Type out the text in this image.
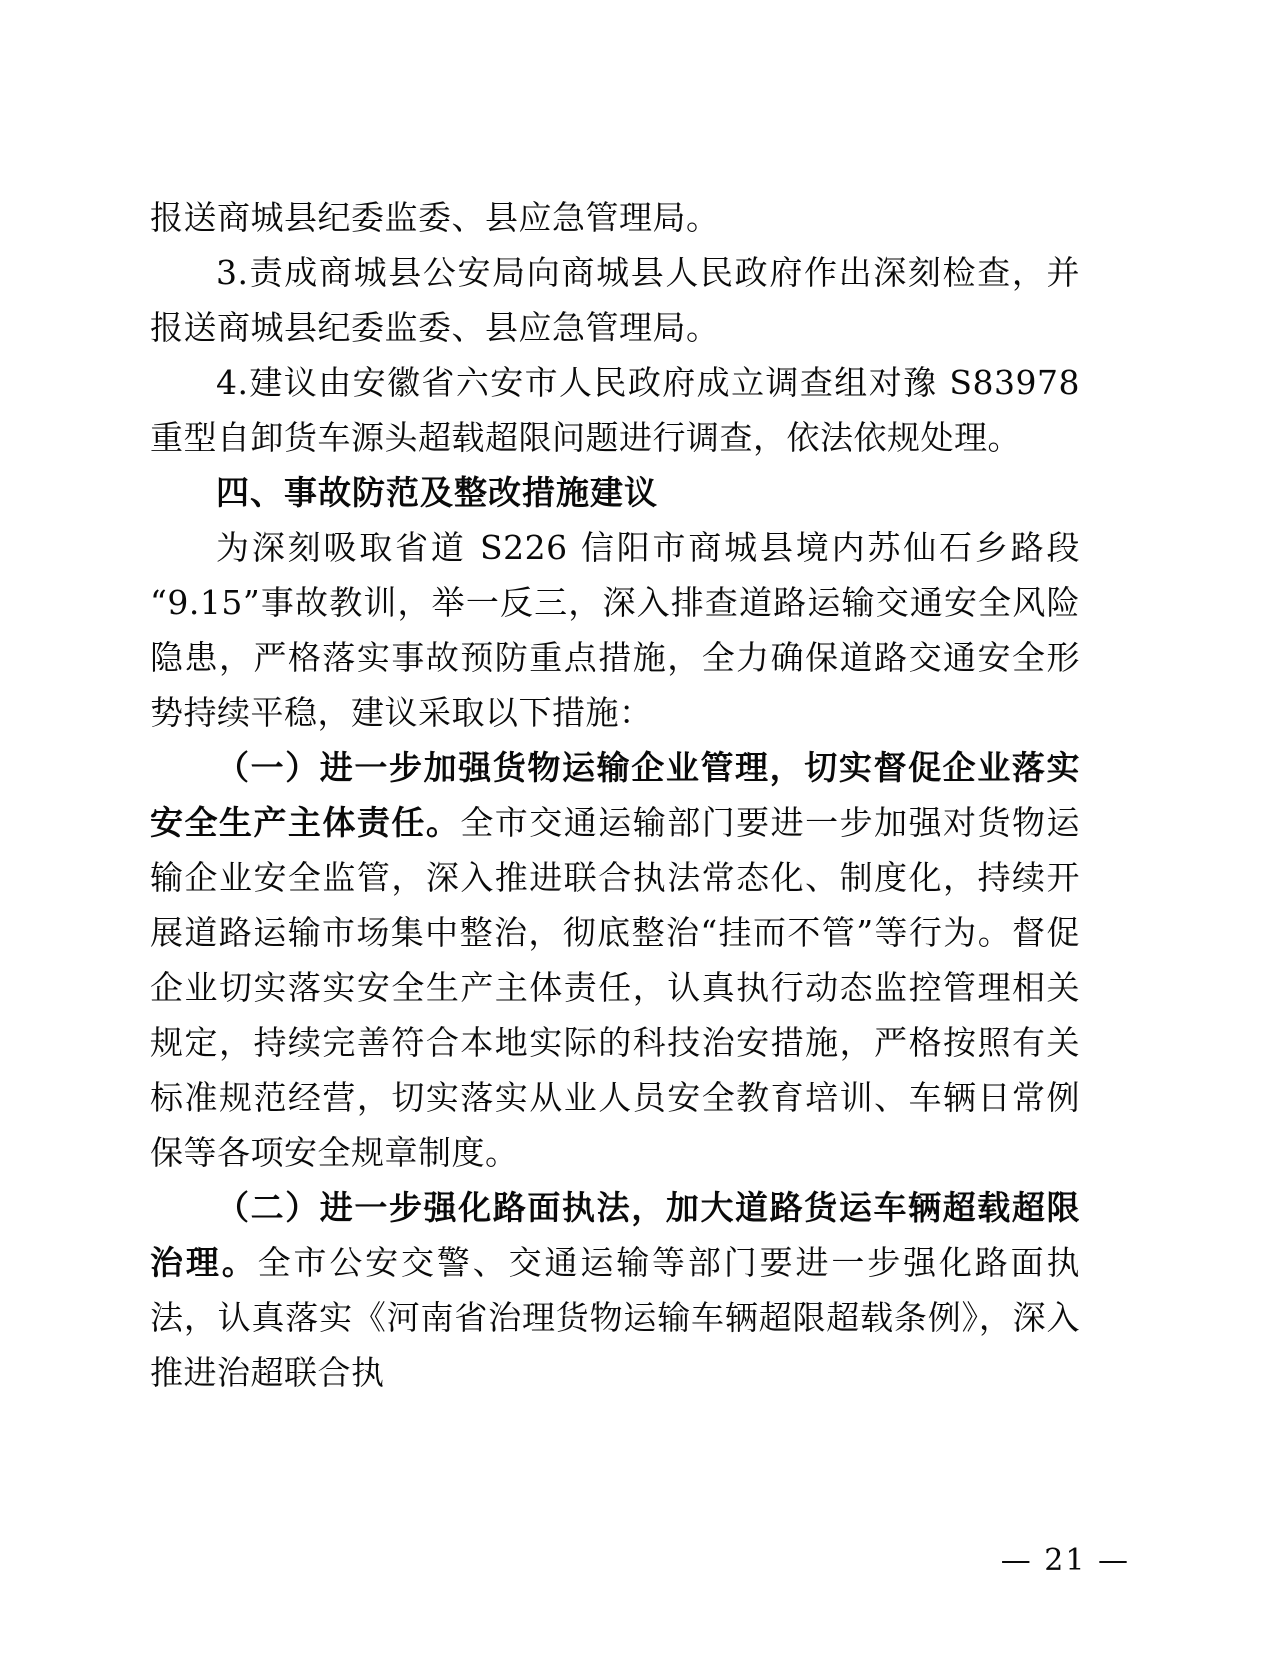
报送商城县纪委监委、县应急管理局。

3.责成商城县公安局向商城县人民政府作出深刻检查，并报送商城县纪委监委、县应急管理局。

4.建议由安徽省六安市人民政府成立调查组对豫 S83978 重型自卸货车源头超载超限问题进行调查，依法依规处理。

四、事故防范及整改措施建议

为深刻吸取省道 S226 信阳市商城县境内苏仙石乡路段“9.15”事故教训，举一反三，深入排查道路运输交通安全风险隐患，严格落实事故预防重点措施，全力确保道路交通安全形势持续平稳，建议采取以下措施：

（一）进一步加强货物运输企业管理，切实督促企业落实安全生产主体责任。全市交通运输部门要进一步加强对货物运输企业安全监管，深入推进联合执法常态化、制度化，持续开展道路运输市场集中整治，彻底整治“挂而不管”等行为。督促企业切实落实安全生产主体责任，认真执行动态监控管理相关规定，持续完善符合本地实际的科技治安措施，严格按照有关标准规范经营，切实落实从业人员安全教育培训、车辆日常例保等各项安全规章制度。

（二）进一步强化路面执法，加大道路货运车辆超载超限治理。全市公安交警、交通运输等部门要进一步强化路面执法，认真落实《河南省治理货物运输车辆超限超载条例》，深入推进治超联合执

— 21 —
